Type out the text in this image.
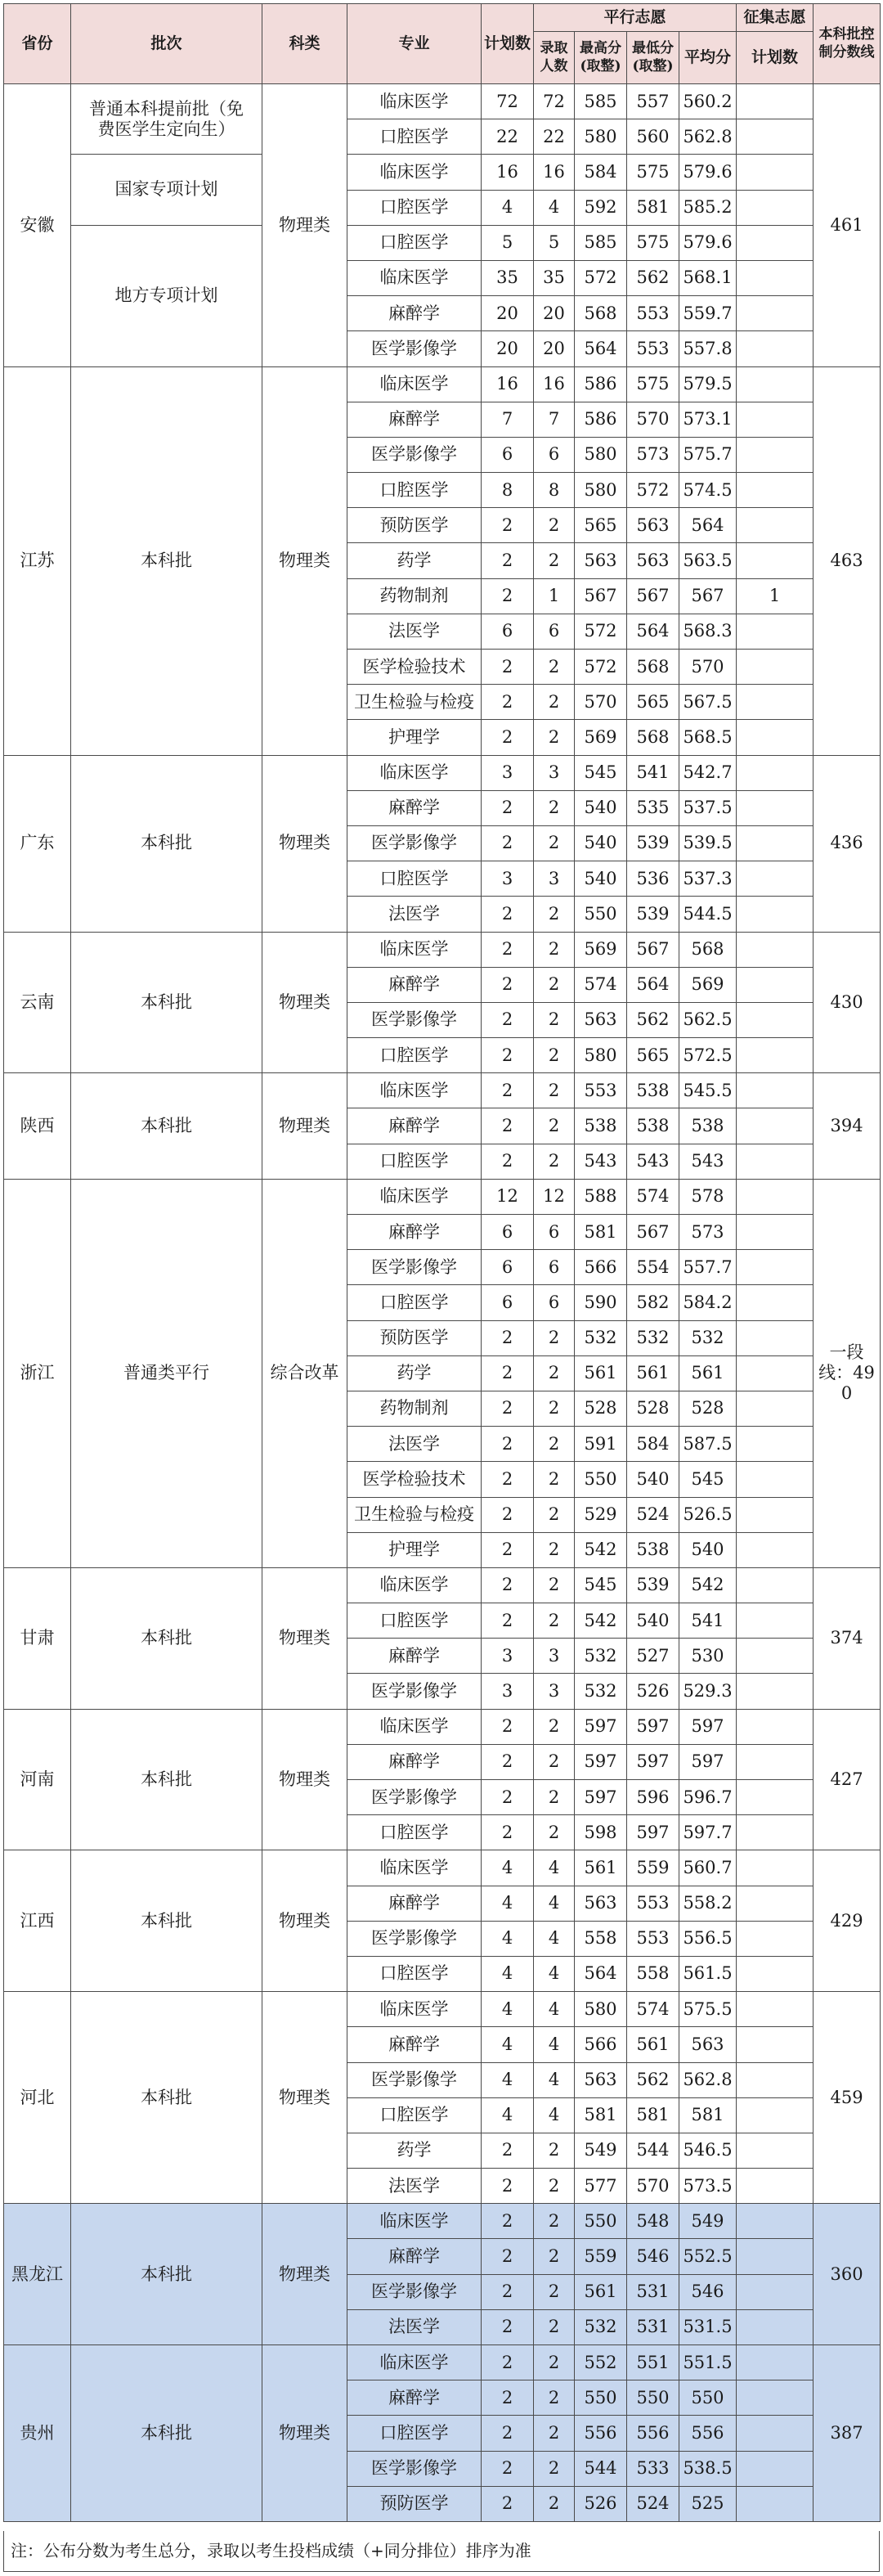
省份	批次	科类	专业	计划数	平行志愿				征集志愿	本科批控制分数线
					录取人数	最高分(取整)	最低分(取整)	平均分	计划数	
安徽	普通本科提前批（免费医学生定向生）	物理类	临床医学	72	72	585	557	560.2		461
			口腔医学	22	22	580	560	562.8		
	国家专项计划		临床医学	16	16	584	575	579.6		
			口腔医学	4	4	592	581	585.2		
	地方专项计划		口腔医学	5	5	585	575	579.6		
			临床医学	35	35	572	562	568.1		
			麻醉学	20	20	568	553	559.7		
			医学影像学	20	20	564	553	557.8		
江苏	本科批	物理类	临床医学	16	16	586	575	579.5		463
			麻醉学	7	7	586	570	573.1		
			医学影像学	6	6	580	573	575.7		
			口腔医学	8	8	580	572	574.5		
			预防医学	2	2	565	563	564		
			药学	2	2	563	563	563.5		
			药物制剂	2	1	567	567	567	1	
			法医学	6	6	572	564	568.3		
			医学检验技术	2	2	572	568	570		
			卫生检验与检疫	2	2	570	565	567.5		
			护理学	2	2	569	568	568.5		
广东	本科批	物理类	临床医学	3	3	545	541	542.7		436
			麻醉学	2	2	540	535	537.5		
			医学影像学	2	2	540	539	539.5		
			口腔医学	3	3	540	536	537.3		
			法医学	2	2	550	539	544.5		
云南	本科批	物理类	临床医学	2	2	569	567	568		430
			麻醉学	2	2	574	564	569		
			医学影像学	2	2	563	562	562.5		
			口腔医学	2	2	580	565	572.5		
陕西	本科批	物理类	临床医学	2	2	553	538	545.5		394
			麻醉学	2	2	538	538	538		
			口腔医学	2	2	543	543	543		
浙江	普通类平行	综合改革	临床医学	12	12	588	574	578		一段线：490
			麻醉学	6	6	581	567	573		
			医学影像学	6	6	566	554	557.7		
			口腔医学	6	6	590	582	584.2		
			预防医学	2	2	532	532	532		
			药学	2	2	561	561	561		
			药物制剂	2	2	528	528	528		
			法医学	2	2	591	584	587.5		
			医学检验技术	2	2	550	540	545		
			卫生检验与检疫	2	2	529	524	526.5		
			护理学	2	2	542	538	540		
甘肃	本科批	物理类	临床医学	2	2	545	539	542		374
			口腔医学	2	2	542	540	541		
			麻醉学	3	3	532	527	530		
			医学影像学	3	3	532	526	529.3		
河南	本科批	物理类	临床医学	2	2	597	597	597		427
			麻醉学	2	2	597	597	597		
			医学影像学	2	2	597	596	596.7		
			口腔医学	2	2	598	597	597.7		
江西	本科批	物理类	临床医学	4	4	561	559	560.7		429
			麻醉学	4	4	563	553	558.2		
			医学影像学	4	4	558	553	556.5		
			口腔医学	4	4	564	558	561.5		
河北	本科批	物理类	临床医学	4	4	580	574	575.5		459
			麻醉学	4	4	566	561	563		
			医学影像学	4	4	563	562	562.8		
			口腔医学	4	4	581	581	581		
			药学	2	2	549	544	546.5		
			法医学	2	2	577	570	573.5		
黑龙江	本科批	物理类	临床医学	2	2	550	548	549		360
			麻醉学	2	2	559	546	552.5		
			医学影像学	2	2	561	531	546		
			法医学	2	2	532	531	531.5		
贵州	本科批	物理类	临床医学	2	2	552	551	551.5		387
			麻醉学	2	2	550	550	550		
			口腔医学	2	2	556	556	556		
			医学影像学	2	2	544	533	538.5		
			预防医学	2	2	526	524	525		
注：公布分数为考生总分，录取以考生投档成绩（+同分排位）排序为准
